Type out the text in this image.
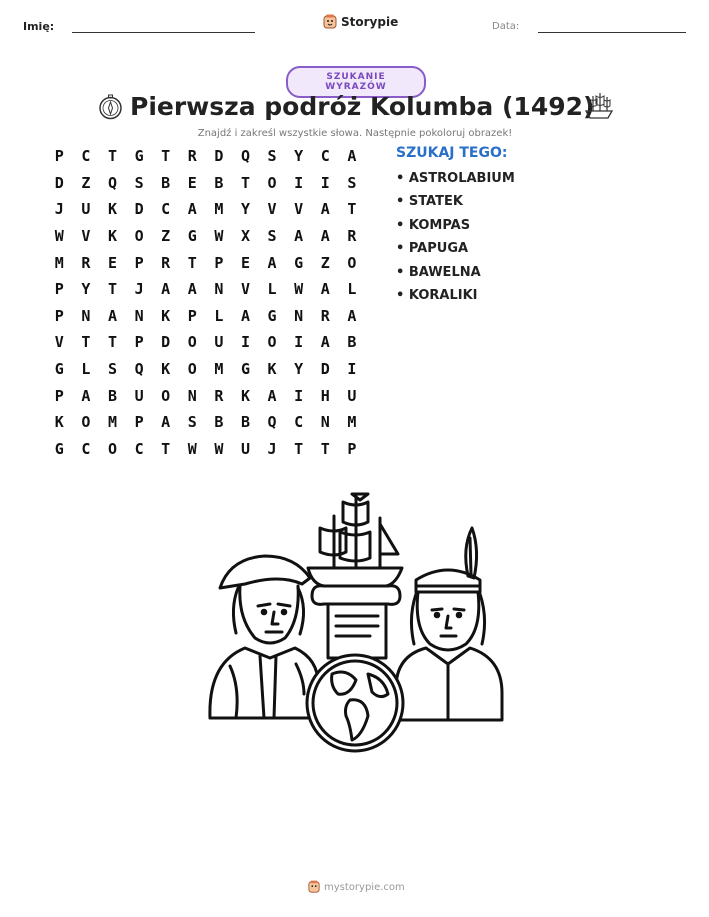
Imię:	Storypie	Data:
SZUKANIE WYRAZÓW
Pierwsza podróż Kolumba (1492)
Znajdź i zakreśl wszystkie słowa. Następnie pokoloruj obrazek!
P	C	T	G	T	R	D	Q	S	Y	C	A
D	Z	Q	S	B	E	B	T	O	I	I	S
J	U	K	D	C	A	M	Y	V	V	A	T
W	V	K	O	Z	G	W	X	S	A	A	R
M	R	E	P	R	T	P	E	A	G	Z	O
P	Y	T	J	A	A	N	V	L	W	A	L
P	N	A	N	K	P	L	A	G	N	R	A
V	T	T	P	D	O	U	I	O	I	A	B
G	L	S	Q	K	O	M	G	K	Y	D	I
P	A	B	U	O	N	R	K	A	I	H	U
K	O	M	P	A	S	B	B	Q	C	N	M
G	C	O	C	T	W	W	U	J	T	T	P
SZUKAJ TEGO:
• ASTROLABIUM
• STATEK
• KOMPAS
• PAPUGA
• BAWELNA
• KORALIKI
mystorypie.com
